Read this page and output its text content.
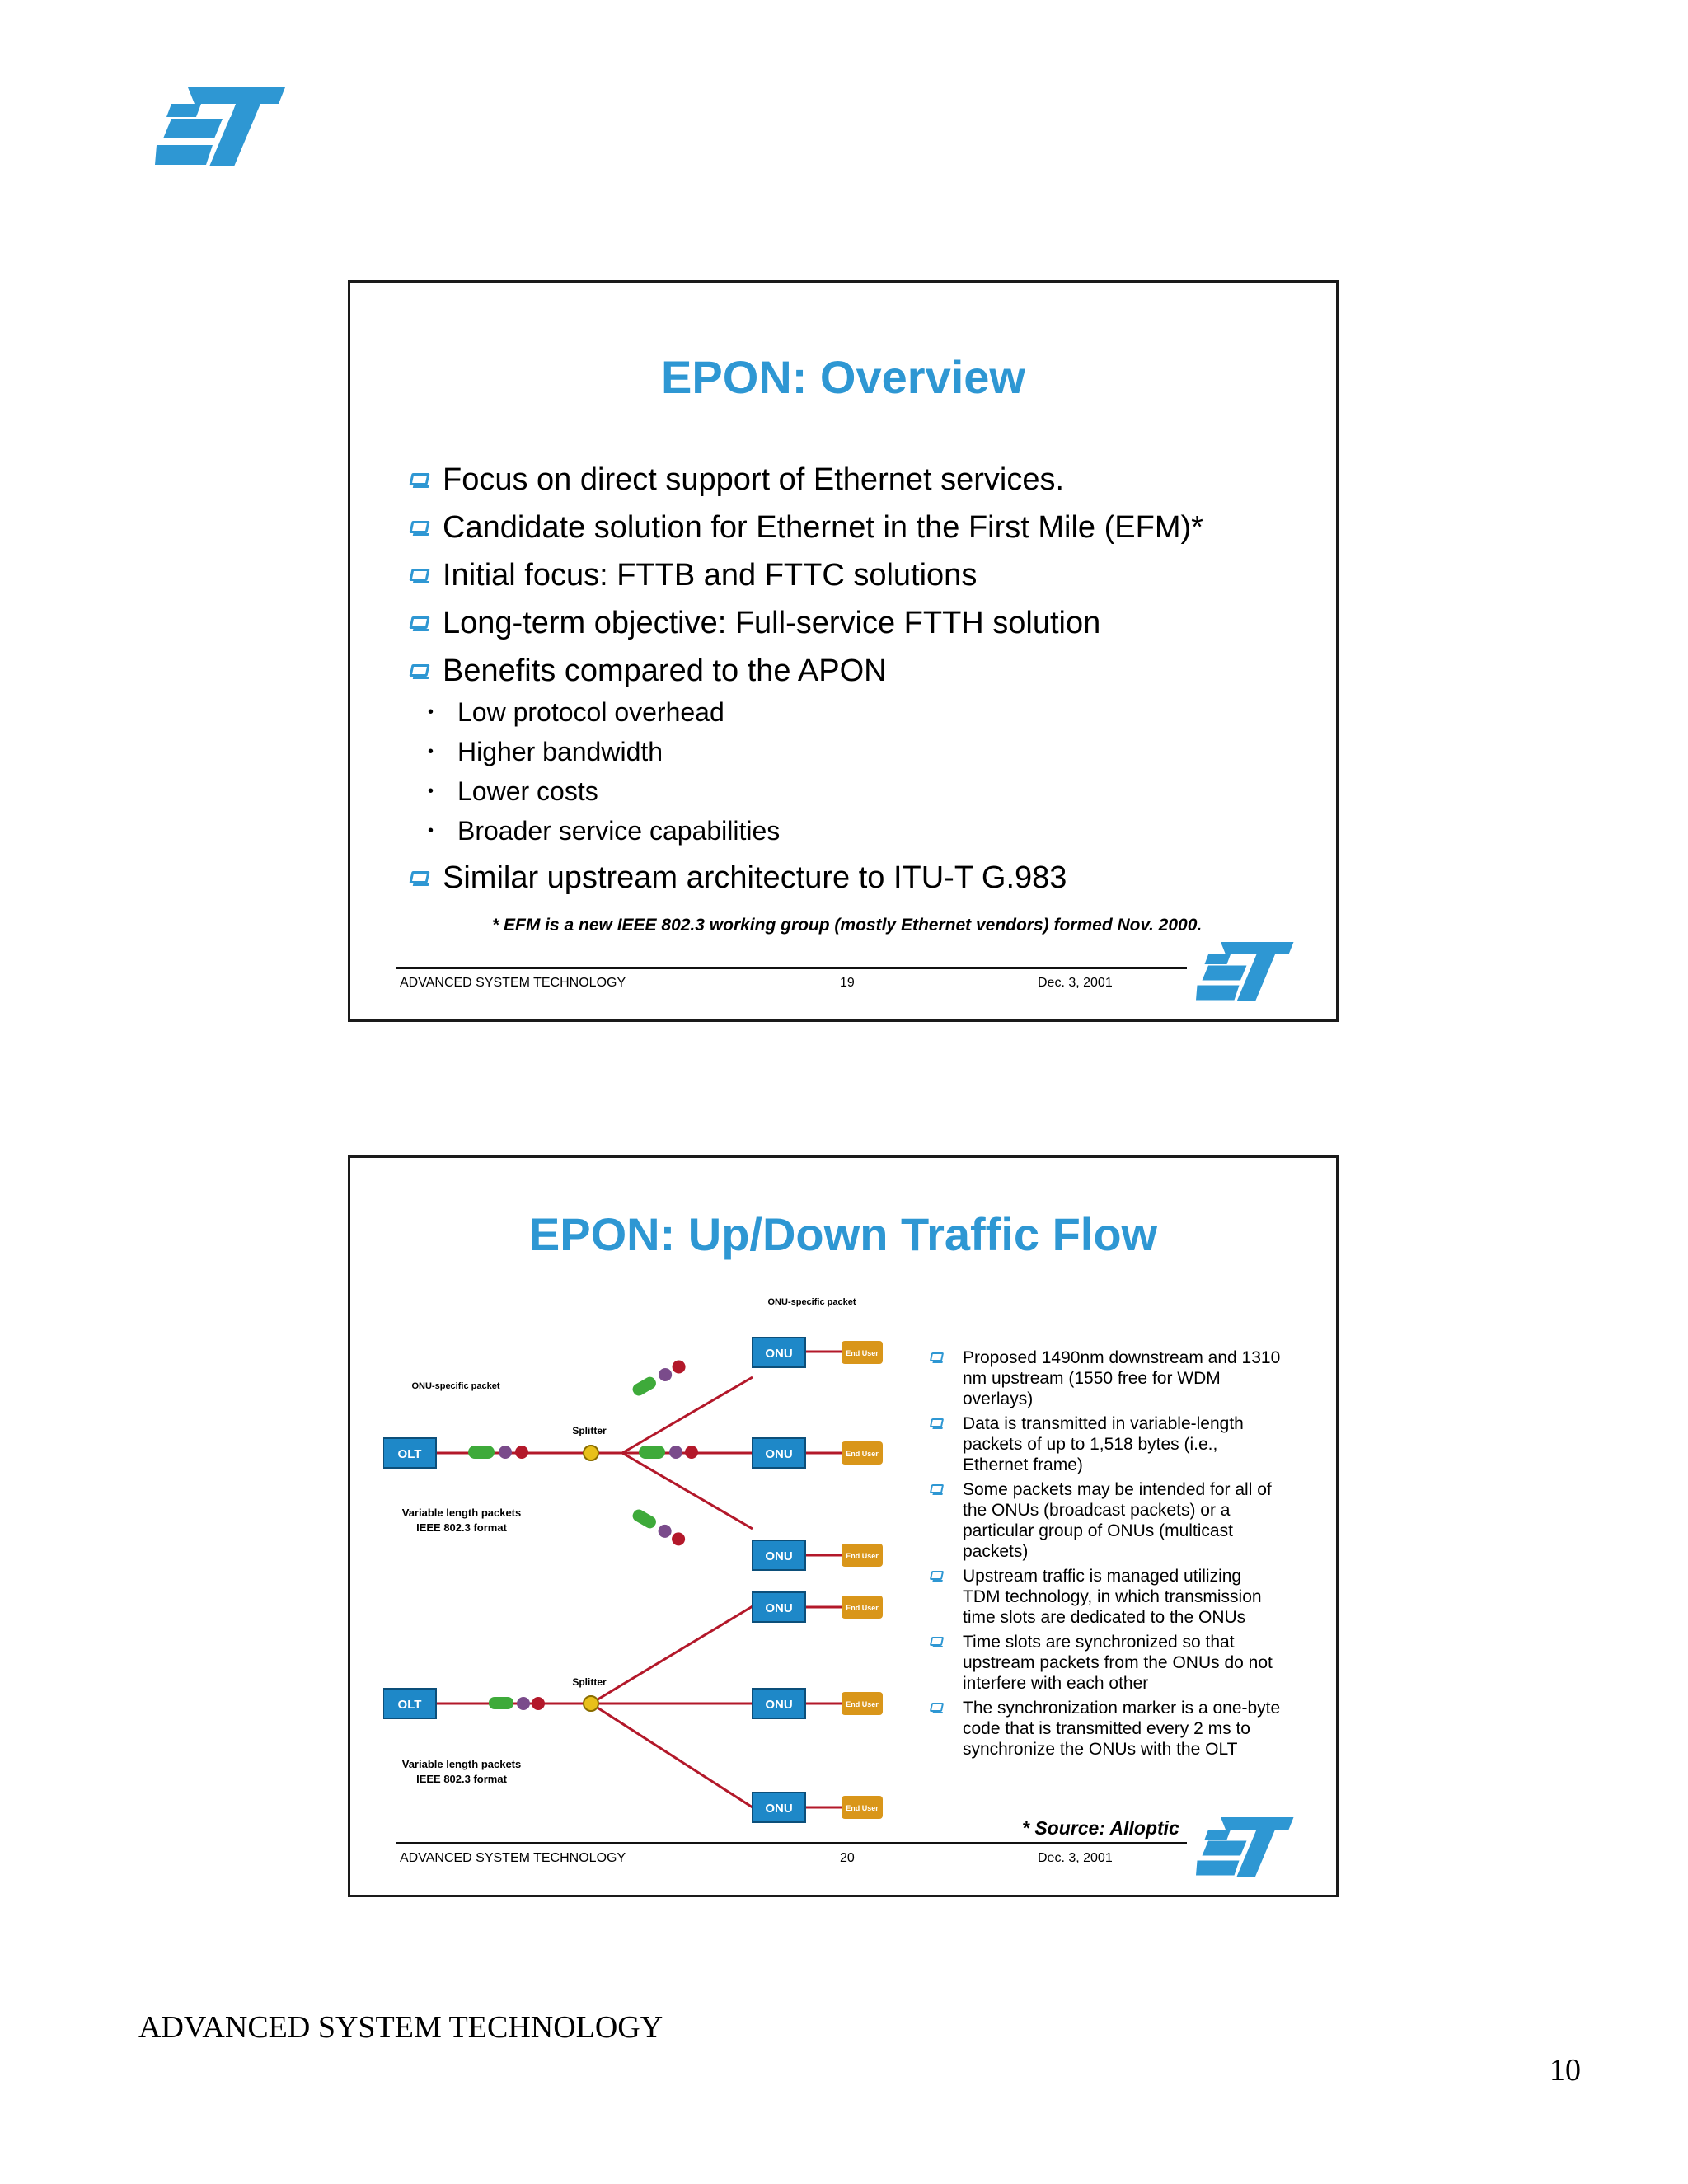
EPON: Overview
Focus on direct support of Ethernet services.
Candidate solution for Ethernet in the First Mile (EFM)*
Initial focus: FTTB and FTTC solutions
Long-term objective: Full-service FTTH solution
Benefits compared to the APON
• Low protocol overhead
• Higher bandwidth
• Lower costs
• Broader service capabilities
Similar upstream architecture to ITU-T G.983
* EFM is a new IEEE 802.3 working group (mostly Ethernet vendors) formed Nov. 2000.
ADVANCED SYSTEM TECHNOLOGY	19	Dec. 3, 2001
EPON: Up/Down Traffic Flow
OLT
Splitter
ONU-specific packet
ONU-specific packet
ONU
ONU
ONU
End User
End User
End User
Variable length packets
IEEE 802.3 format
OLT
Splitter
ONU
ONU
ONU
End User
End User
End User
Variable length packets
IEEE 802.3 format
Proposed 1490nm downstream and 1310 nm upstream (1550 free for WDM overlays)
Data is transmitted in variable-length packets of up to 1,518 bytes (i.e., Ethernet frame)
Some packets may be intended for all of the ONUs (broadcast packets) or a particular group of ONUs (multicast packets)
Upstream traffic is managed utilizing TDM technology, in which transmission time slots are dedicated to the ONUs
Time slots are synchronized so that upstream packets from the ONUs do not interfere with each other
The synchronization marker is a one-byte code that is transmitted every 2 ms to synchronize the ONUs with the OLT
* Source: Alloptic
ADVANCED SYSTEM TECHNOLOGY	20	Dec. 3, 2001
ADVANCED SYSTEM TECHNOLOGY
10
